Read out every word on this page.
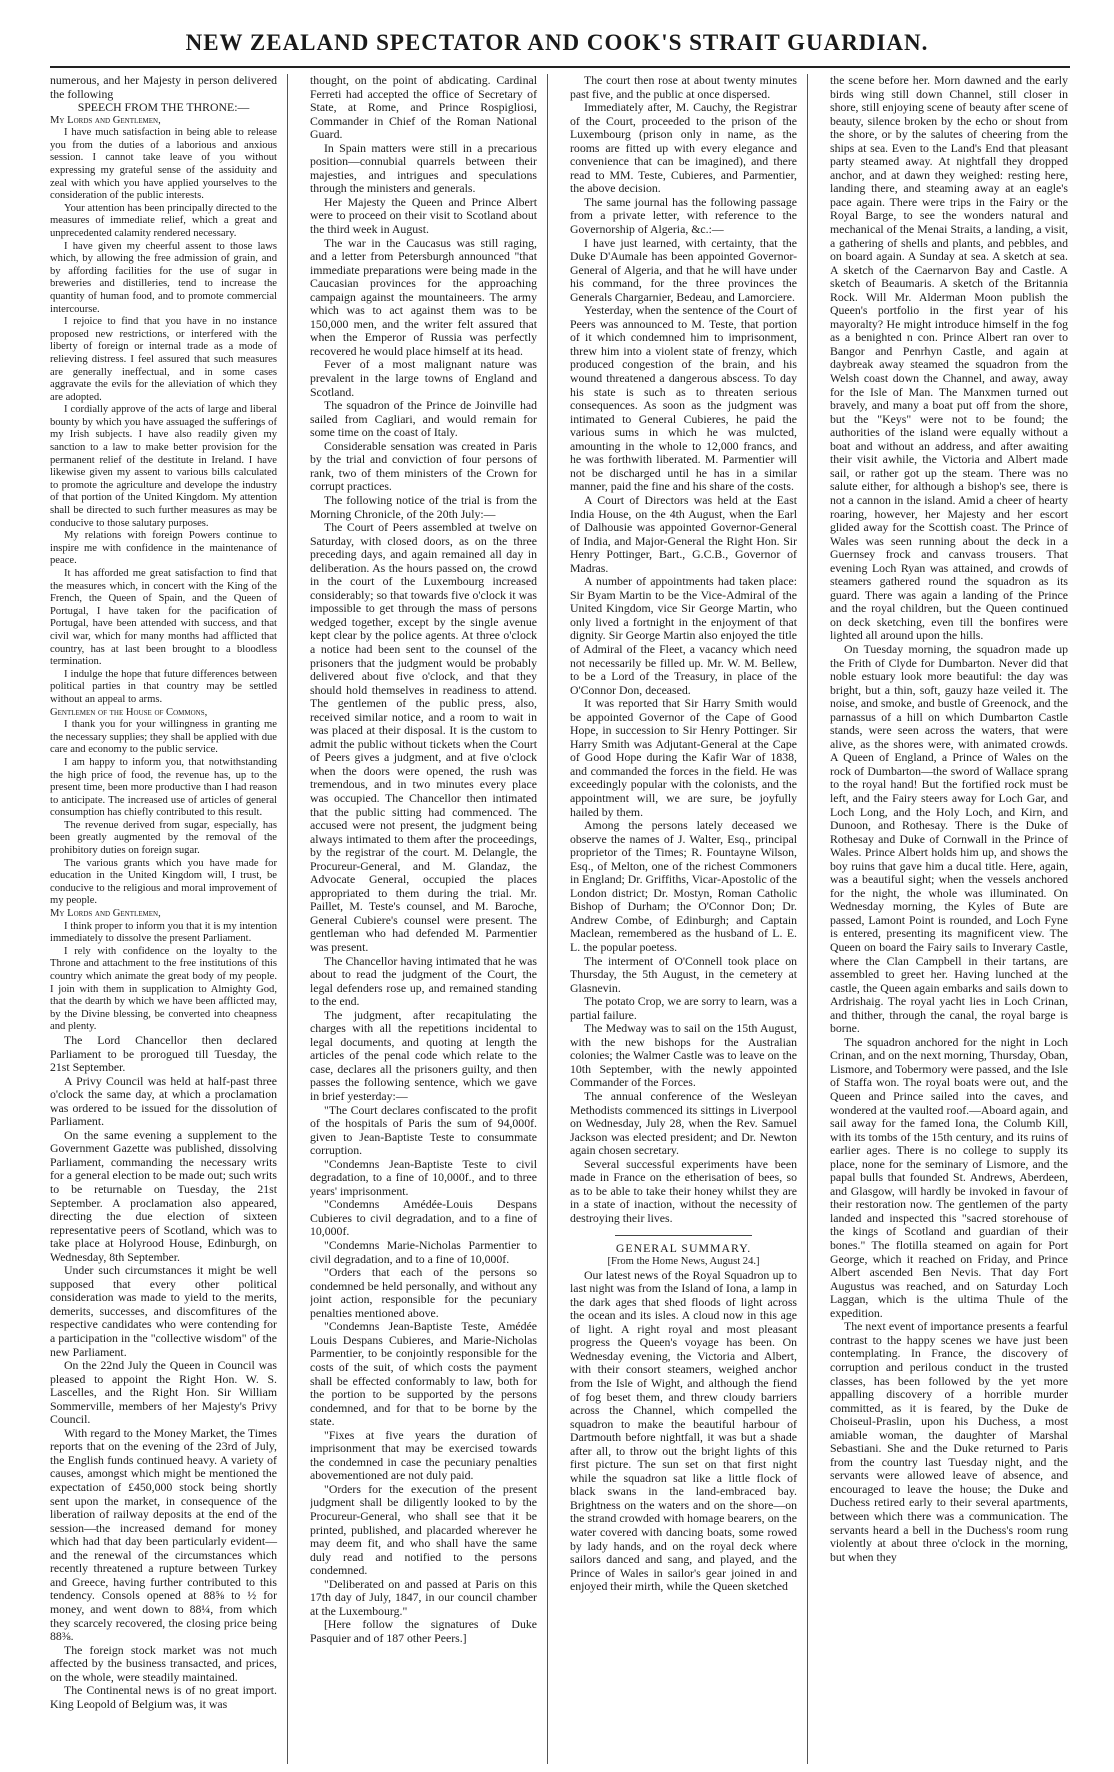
NEW ZEALAND SPECTATOR AND COOK'S STRAIT GUARDIAN.

numerous, and her Majesty in person delivered the following

SPEECH FROM THE THRONE:—

My Lords and Gentlemen,

I have much satisfaction in being able to release you from the duties of a laborious and anxious session. I cannot take leave of you without expressing my grateful sense of the assiduity and zeal with which you have applied yourselves to the consideration of the public interests.

Your attention has been principally directed to the measures of immediate relief, which a great and unprecedented calamity rendered necessary.

I have given my cheerful assent to those laws which, by allowing the free admission of grain, and by affording facilities for the use of sugar in breweries and distilleries, tend to increase the quantity of human food, and to promote commercial intercourse.

I rejoice to find that you have in no instance proposed new restrictions, or interfered with the liberty of foreign or internal trade as a mode of relieving distress. I feel assured that such measures are generally ineffectual, and in some cases aggravate the evils for the alleviation of which they are adopted.

I cordially approve of the acts of large and liberal bounty by which you have assuaged the sufferings of my Irish subjects. I have also readily given my sanction to a law to make better provision for the permanent relief of the destitute in Ireland. I have likewise given my assent to various bills calculated to promote the agriculture and develope the industry of that portion of the United Kingdom. My attention shall be directed to such further measures as may be conducive to those salutary purposes.

My relations with foreign Powers continue to inspire me with confidence in the maintenance of peace.

It has afforded me great satisfaction to find that the measures which, in concert with the King of the French, the Queen of Spain, and the Queen of Portugal, I have taken for the pacification of Portugal, have been attended with success, and that civil war, which for many months had afflicted that country, has at last been brought to a bloodless termination.

I indulge the hope that future differences between political parties in that country may be settled without an appeal to arms.

Gentlemen of the House of Commons,

I thank you for your willingness in granting me the necessary supplies; they shall be applied with due care and economy to the public service.

I am happy to inform you, that notwithstanding the high price of food, the revenue has, up to the present time, been more productive than I had reason to anticipate. The increased use of articles of general consumption has chiefly contributed to this result.

The revenue derived from sugar, especially, has been greatly augmented by the removal of the prohibitory duties on foreign sugar.

The various grants which you have made for education in the United Kingdom will, I trust, be conducive to the religious and moral improvement of my people.

My Lords and Gentlemen,

I think proper to inform you that it is my intention immediately to dissolve the present Parliament.

I rely with confidence on the loyalty to the Throne and attachment to the free institutions of this country which animate the great body of my people. I join with them in supplication to Almighty God, that the dearth by which we have been afflicted may, by the Divine blessing, be converted into cheapness and plenty.

The Lord Chancellor then declared Parliament to be prorogued till Tuesday, the 21st September.

A Privy Council was held at half-past three o'clock the same day, at which a proclamation was ordered to be issued for the dissolution of Parliament.

On the same evening a supplement to the Government Gazette was published, dissolving Parliament, commanding the necessary writs for a general election to be made out; such writs to be returnable on Tuesday, the 21st September. A proclamation also appeared, directing the due election of sixteen representative peers of Scotland, which was to take place at Holyrood House, Edinburgh, on Wednesday, 8th September.

Under such circumstances it might be well supposed that every other political consideration was made to yield to the merits, demerits, successes, and discomfitures of the respective candidates who were contending for a participation in the "collective wisdom" of the new Parliament.

On the 22nd July the Queen in Council was pleased to appoint the Right Hon. W. S. Lascelles, and the Right Hon. Sir William Sommerville, members of her Majesty's Privy Council.

With regard to the Money Market, the Times reports that on the evening of the 23rd of July, the English funds continued heavy. A variety of causes, amongst which might be mentioned the expectation of £450,000 stock being shortly sent upon the market, in consequence of the liberation of railway deposits at the end of the session—the increased demand for money which had that day been particularly evident—and the renewal of the circumstances which recently threatened a rupture between Turkey and Greece, having further contributed to this tendency. Consols opened at 88⅝ to ½ for money, and went down to 88¼, from which they scarcely recovered, the closing price being 88⅜.

The foreign stock market was not much affected by the business transacted, and prices, on the whole, were steadily maintained.

The Continental news is of no great import. King Leopold of Belgium was, it was

thought, on the point of abdicating. Cardinal Ferreti had accepted the office of Secretary of State, at Rome, and Prince Rospigliosi, Commander in Chief of the Roman National Guard.

In Spain matters were still in a precarious position—connubial quarrels between their majesties, and intrigues and speculations through the ministers and generals.

Her Majesty the Queen and Prince Albert were to proceed on their visit to Scotland about the third week in August.

The war in the Caucasus was still raging, and a letter from Petersburgh announced "that immediate preparations were being made in the Caucasian provinces for the approaching campaign against the mountaineers. The army which was to act against them was to be 150,000 men, and the writer felt assured that when the Emperor of Russia was perfectly recovered he would place himself at its head.

Fever of a most malignant nature was prevalent in the large towns of England and Scotland.

The squadron of the Prince de Joinville had sailed from Cagliari, and would remain for some time on the coast of Italy.

Considerable sensation was created in Paris by the trial and conviction of four persons of rank, two of them ministers of the Crown for corrupt practices.

The following notice of the trial is from the Morning Chronicle, of the 20th July:—

The Court of Peers assembled at twelve on Saturday, with closed doors, as on the three preceding days, and again remained all day in deliberation. As the hours passed on, the crowd in the court of the Luxembourg increased considerably; so that towards five o'clock it was impossible to get through the mass of persons wedged together, except by the single avenue kept clear by the police agents. At three o'clock a notice had been sent to the counsel of the prisoners that the judgment would be probably delivered about five o'clock, and that they should hold themselves in readiness to attend. The gentlemen of the public press, also, received similar notice, and a room to wait in was placed at their disposal. It is the custom to admit the public without tickets when the Court of Peers gives a judgment, and at five o'clock when the doors were opened, the rush was tremendous, and in two minutes every place was occupied. The Chancellor then intimated that the public sitting had commenced. The accused were not present, the judgment being always intimated to them after the proceedings, by the registrar of the court. M. Delangle, the Procureur-General, and M. Glandaz, the Advocate General, occupied the places appropriated to them during the trial. Mr. Paillet, M. Teste's counsel, and M. Baroche, General Cubiere's counsel were present. The gentleman who had defended M. Parmentier was present.

The Chancellor having intimated that he was about to read the judgment of the Court, the legal defenders rose up, and remained standing to the end.

The judgment, after recapitulating the charges with all the repetitions incidental to legal documents, and quoting at length the articles of the penal code which relate to the case, declares all the prisoners guilty, and then passes the following sentence, which we gave in brief yesterday:—

"The Court declares confiscated to the profit of the hospitals of Paris the sum of 94,000f. given to Jean-Baptiste Teste to consummate corruption.

"Condemns Jean-Baptiste Teste to civil degradation, to a fine of 10,000f., and to three years' imprisonment.

"Condemns Amédée-Louis Despans Cubieres to civil degradation, and to a fine of 10,000f.

"Condemns Marie-Nicholas Parmentier to civil degradation, and to a fine of 10,000f.

"Orders that each of the persons so condemned be held personally, and without any joint action, responsible for the pecuniary penalties mentioned above.

"Condemns Jean-Baptiste Teste, Amédée Louis Despans Cubieres, and Marie-Nicholas Parmentier, to be conjointly responsible for the costs of the suit, of which costs the payment shall be effected conformably to law, both for the portion to be supported by the persons condemned, and for that to be borne by the state.

"Fixes at five years the duration of imprisonment that may be exercised towards the condemned in case the pecuniary penalties abovementioned are not duly paid.

"Orders for the execution of the present judgment shall be diligently looked to by the Procureur-General, who shall see that it be printed, published, and placarded wherever he may deem fit, and who shall have the same duly read and notified to the persons condemned.

"Deliberated on and passed at Paris on this 17th day of July, 1847, in our council chamber at the Luxembourg."

[Here follow the signatures of Duke Pasquier and of 187 other Peers.]

The court then rose at about twenty minutes past five, and the public at once dispersed.

Immediately after, M. Cauchy, the Registrar of the Court, proceeded to the prison of the Luxembourg (prison only in name, as the rooms are fitted up with every elegance and convenience that can be imagined), and there read to MM. Teste, Cubieres, and Parmentier, the above decision.

The same journal has the following passage from a private letter, with reference to the Governorship of Algeria, &c.:—

I have just learned, with certainty, that the Duke D'Aumale has been appointed Governor-General of Algeria, and that he will have under his command, for the three provinces the Generals Chargarnier, Bedeau, and Lamorciere.

Yesterday, when the sentence of the Court of Peers was announced to M. Teste, that portion of it which condemned him to imprisonment, threw him into a violent state of frenzy, which produced congestion of the brain, and his wound threatened a dangerous abscess. To day his state is such as to threaten serious consequences. As soon as the judgment was intimated to General Cubieres, he paid the various sums in which he was mulcted, amounting in the whole to 12,000 francs, and he was forthwith liberated. M. Parmentier will not be discharged until he has in a similar manner, paid the fine and his share of the costs.

A Court of Directors was held at the East India House, on the 4th August, when the Earl of Dalhousie was appointed Governor-General of India, and Major-General the Right Hon. Sir Henry Pottinger, Bart., G.C.B., Governor of Madras.

A number of appointments had taken place: Sir Byam Martin to be the Vice-Admiral of the United Kingdom, vice Sir George Martin, who only lived a fortnight in the enjoyment of that dignity. Sir George Martin also enjoyed the title of Admiral of the Fleet, a vacancy which need not necessarily be filled up. Mr. W. M. Bellew, to be a Lord of the Treasury, in place of the O'Connor Don, deceased.

It was reported that Sir Harry Smith would be appointed Governor of the Cape of Good Hope, in succession to Sir Henry Pottinger. Sir Harry Smith was Adjutant-General at the Cape of Good Hope during the Kafir War of 1838, and commanded the forces in the field. He was exceedingly popular with the colonists, and the appointment will, we are sure, be joyfully hailed by them.

Among the persons lately deceased we observe the names of J. Walter, Esq., principal proprietor of the Times; R. Fountayne Wilson, Esq., of Melton, one of the richest Commoners in England; Dr. Griffiths, Vicar-Apostolic of the London district; Dr. Mostyn, Roman Catholic Bishop of Durham; the O'Connor Don; Dr. Andrew Combe, of Edinburgh; and Captain Maclean, remembered as the husband of L. E. L. the popular poetess.

The interment of O'Connell took place on Thursday, the 5th August, in the cemetery at Glasnevin.

The potato Crop, we are sorry to learn, was a partial failure.

The Medway was to sail on the 15th August, with the new bishops for the Australian colonies; the Walmer Castle was to leave on the 10th September, with the newly appointed Commander of the Forces.

The annual conference of the Wesleyan Methodists commenced its sittings in Liverpool on Wednesday, July 28, when the Rev. Samuel Jackson was elected president; and Dr. Newton again chosen secretary.

Several successful experiments have been made in France on the etherisation of bees, so as to be able to take their honey whilst they are in a state of inaction, without the necessity of destroying their lives.

GENERAL SUMMARY.

[From the Home News, August 24.]

Our latest news of the Royal Squadron up to last night was from the Island of Iona, a lamp in the dark ages that shed floods of light across the ocean and its isles. A cloud now in this age of light. A right royal and most pleasant progress the Queen's voyage has been. On Wednesday evening, the Victoria and Albert, with their consort steamers, weighed anchor from the Isle of Wight, and although the fiend of fog beset them, and threw cloudy barriers across the Channel, which compelled the squadron to make the beautiful harbour of Dartmouth before nightfall, it was but a shade after all, to throw out the bright lights of this first picture. The sun set on that first night while the squadron sat like a little flock of black swans in the land-embraced bay. Brightness on the waters and on the shore—on the strand crowded with homage bearers, on the water covered with dancing boats, some rowed by lady hands, and on the royal deck where sailors danced and sang, and played, and the Prince of Wales in sailor's gear joined in and enjoyed their mirth, while the Queen sketched

the scene before her. Morn dawned and the early birds wing still down Channel, still closer in shore, still enjoying scene of beauty after scene of beauty, silence broken by the echo or shout from the shore, or by the salutes of cheering from the ships at sea. Even to the Land's End that pleasant party steamed away. At nightfall they dropped anchor, and at dawn they weighed: resting here, landing there, and steaming away at an eagle's pace again. There were trips in the Fairy or the Royal Barge, to see the wonders natural and mechanical of the Menai Straits, a landing, a visit, a gathering of shells and plants, and pebbles, and on board again. A Sunday at sea. A sketch at sea. A sketch of the Caernarvon Bay and Castle. A sketch of Beaumaris. A sketch of the Britannia Rock. Will Mr. Alderman Moon publish the Queen's portfolio in the first year of his mayoralty? He might introduce himself in the fog as a benighted n con. Prince Albert ran over to Bangor and Penrhyn Castle, and again at daybreak away steamed the squadron from the Welsh coast down the Channel, and away, away for the Isle of Man. The Manxmen turned out bravely, and many a boat put off from the shore, but the "Keys" were not to be found; the authorities of the island were equally without a boat and without an address, and after awaiting their visit awhile, the Victoria and Albert made sail, or rather got up the steam. There was no salute either, for although a bishop's see, there is not a cannon in the island. Amid a cheer of hearty roaring, however, her Majesty and her escort glided away for the Scottish coast. The Prince of Wales was seen running about the deck in a Guernsey frock and canvass trousers. That evening Loch Ryan was attained, and crowds of steamers gathered round the squadron as its guard. There was again a landing of the Prince and the royal children, but the Queen continued on deck sketching, even till the bonfires were lighted all around upon the hills.

On Tuesday morning, the squadron made up the Frith of Clyde for Dumbarton. Never did that noble estuary look more beautiful: the day was bright, but a thin, soft, gauzy haze veiled it. The noise, and smoke, and bustle of Greenock, and the parnassus of a hill on which Dumbarton Castle stands, were seen across the waters, that were alive, as the shores were, with animated crowds. A Queen of England, a Prince of Wales on the rock of Dumbarton—the sword of Wallace sprang to the royal hand! But the fortified rock must be left, and the Fairy steers away for Loch Gar, and Loch Long, and the Holy Loch, and Kirn, and Dunoon, and Rothesay. There is the Duke of Rothesay and Duke of Cornwall in the Prince of Wales. Prince Albert holds him up, and shows the boy ruins that gave him a ducal title. Here, again, was a beautiful sight; when the vessels anchored for the night, the whole was illuminated. On Wednesday morning, the Kyles of Bute are passed, Lamont Point is rounded, and Loch Fyne is entered, presenting its magnificent view. The Queen on board the Fairy sails to Inverary Castle, where the Clan Campbell in their tartans, are assembled to greet her. Having lunched at the castle, the Queen again embarks and sails down to Ardrishaig. The royal yacht lies in Loch Crinan, and thither, through the canal, the royal barge is borne.

The squadron anchored for the night in Loch Crinan, and on the next morning, Thursday, Oban, Lismore, and Tobermory were passed, and the Isle of Staffa won. The royal boats were out, and the Queen and Prince sailed into the caves, and wondered at the vaulted roof.—Aboard again, and sail away for the famed Iona, the Columb Kill, with its tombs of the 15th century, and its ruins of earlier ages. There is no college to supply its place, none for the seminary of Lismore, and the papal bulls that founded St. Andrews, Aberdeen, and Glasgow, will hardly be invoked in favour of their restoration now. The gentlemen of the party landed and inspected this "sacred storehouse of the kings of Scotland and guardian of their bones." The flotilla steamed on again for Port George, which it reached on Friday, and Prince Albert ascended Ben Nevis. That day Fort Augustus was reached, and on Saturday Loch Laggan, which is the ultima Thule of the expedition.

The next event of importance presents a fearful contrast to the happy scenes we have just been contemplating. In France, the discovery of corruption and perilous conduct in the trusted classes, has been followed by the yet more appalling discovery of a horrible murder committed, as it is feared, by the Duke de Choiseul-Praslin, upon his Duchess, a most amiable woman, the daughter of Marshal Sebastiani. She and the Duke returned to Paris from the country last Tuesday night, and the servants were allowed leave of absence, and encouraged to leave the house; the Duke and Duchess retired early to their several apartments, between which there was a communication. The servants heard a bell in the Duchess's room rung violently at about three o'clock in the morning, but when they
